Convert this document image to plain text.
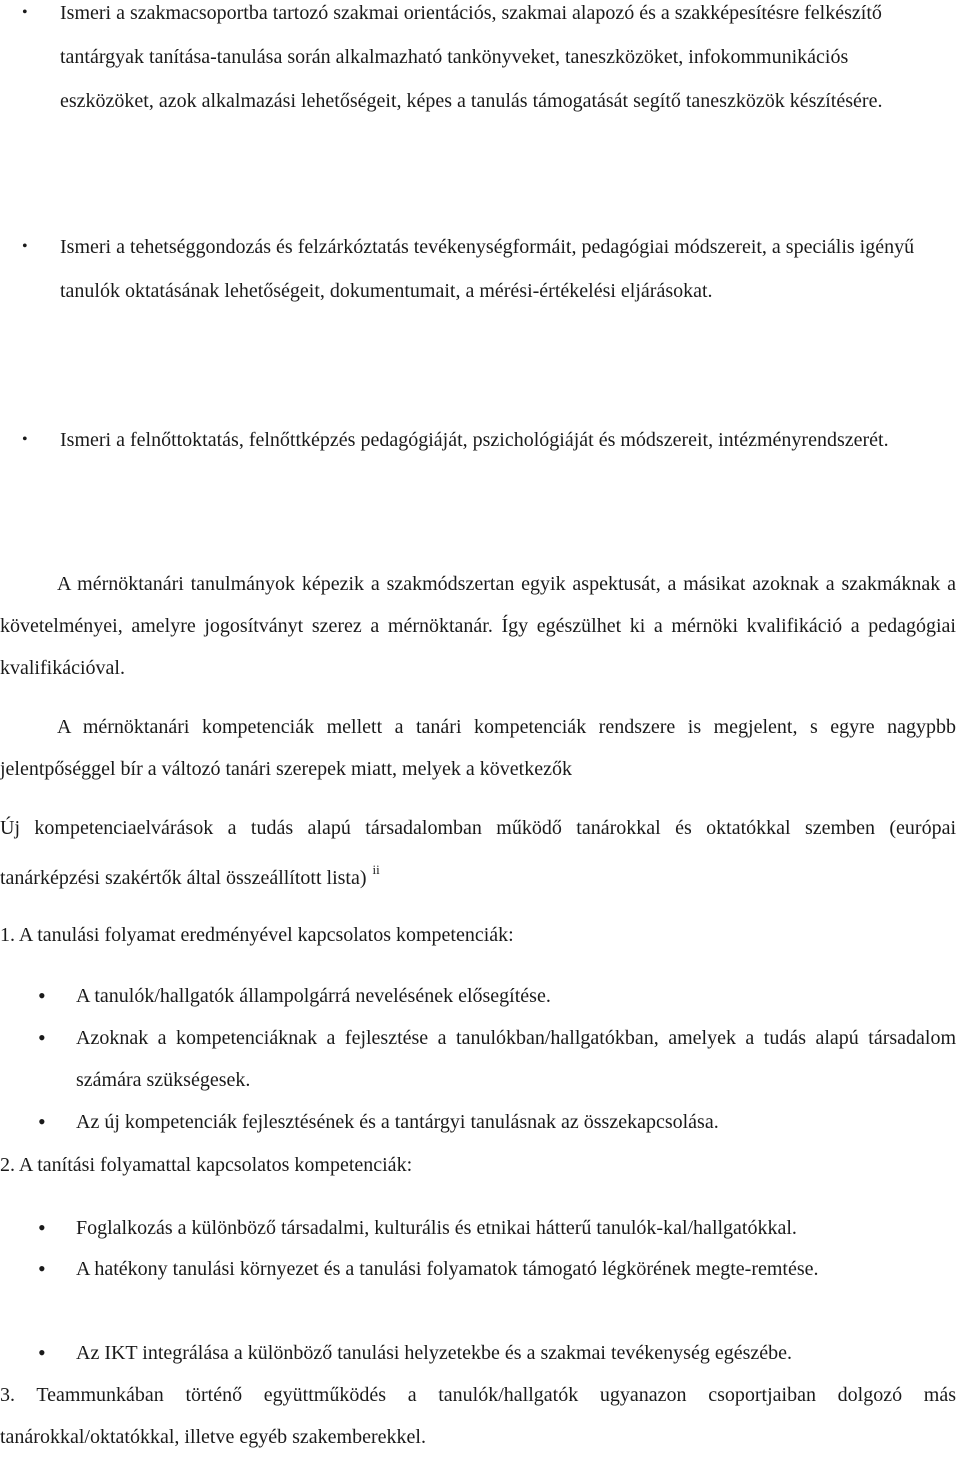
• Ismeri a szakmacsoportba tartozó szakmai orientációs, szakmai alapozó és a szakképesítésre felkészítő tantárgyak tanítása-tanulása során alkalmazható tankönyveket, taneszközöket, infokommunikációs eszközöket, azok alkalmazási lehetőségeit, képes a tanulás támogatását segítő taneszközök készítésére.
• Ismeri a tehetséggondozás és felzárkóztatás tevékenységformáit, pedagógiai módszereit, a speciális igényű tanulók oktatásának lehetőségeit, dokumentumait, a mérési-értékelési eljárásokat.
• Ismeri a felnőttoktatás, felnőttképzés pedagógiáját, pszichológiáját és módszereit, intézményrendszerét.
A mérnöktanári tanulmányok képezik a szakmódszertan egyik aspektusát, a másikat azoknak a szakmáknak a követelményei, amelyre jogosítványt szerez a mérnöktanár. Így egészülhet ki a mérnöki kvalifikáció a pedagógiai kvalifikációval.
A mérnöktanári kompetenciák mellett a tanári kompetenciák rendszere is megjelent, s egyre nagypbb jelentpőséggel bír a változó tanári szerepek miatt, melyek a következők
Új kompetenciaelvárások a tudás alapú társadalomban működő tanárokkal és oktatókkal szemben (európai tanárképzési szakértők által összeállított lista) $^{ii}$
1. A tanulási folyamat eredményével kapcsolatos kompetenciák:
• A tanulók/hallgatók állampolgárrá nevelésének elősegítése.
• Azoknak a kompetenciáknak a fejlesztése a tanulókban/hallgatókban, amelyek a tudás alapú társadalom számára szükségesek.
• Az új kompetenciák fejlesztésének és a tantárgyi tanulásnak az összekapcsolása.
2. A tanítási folyamattal kapcsolatos kompetenciák:
• Foglalkozás a különböző társadalmi, kulturális és etnikai hátterű tanulók-kal/hallgatókkal.
• A hatékony tanulási környezet és a tanulási folyamatok támogató légkörének megte-remtése.
• Az IKT integrálása a különböző tanulási helyzetekbe és a szakmai tevékenység egészébe.
3. Teammunkában történő együttműködés a tanulók/hallgatók ugyanazon csoportjaiban dolgozó más tanárokkal/oktatókkal, illetve egyéb szakemberekkel.
